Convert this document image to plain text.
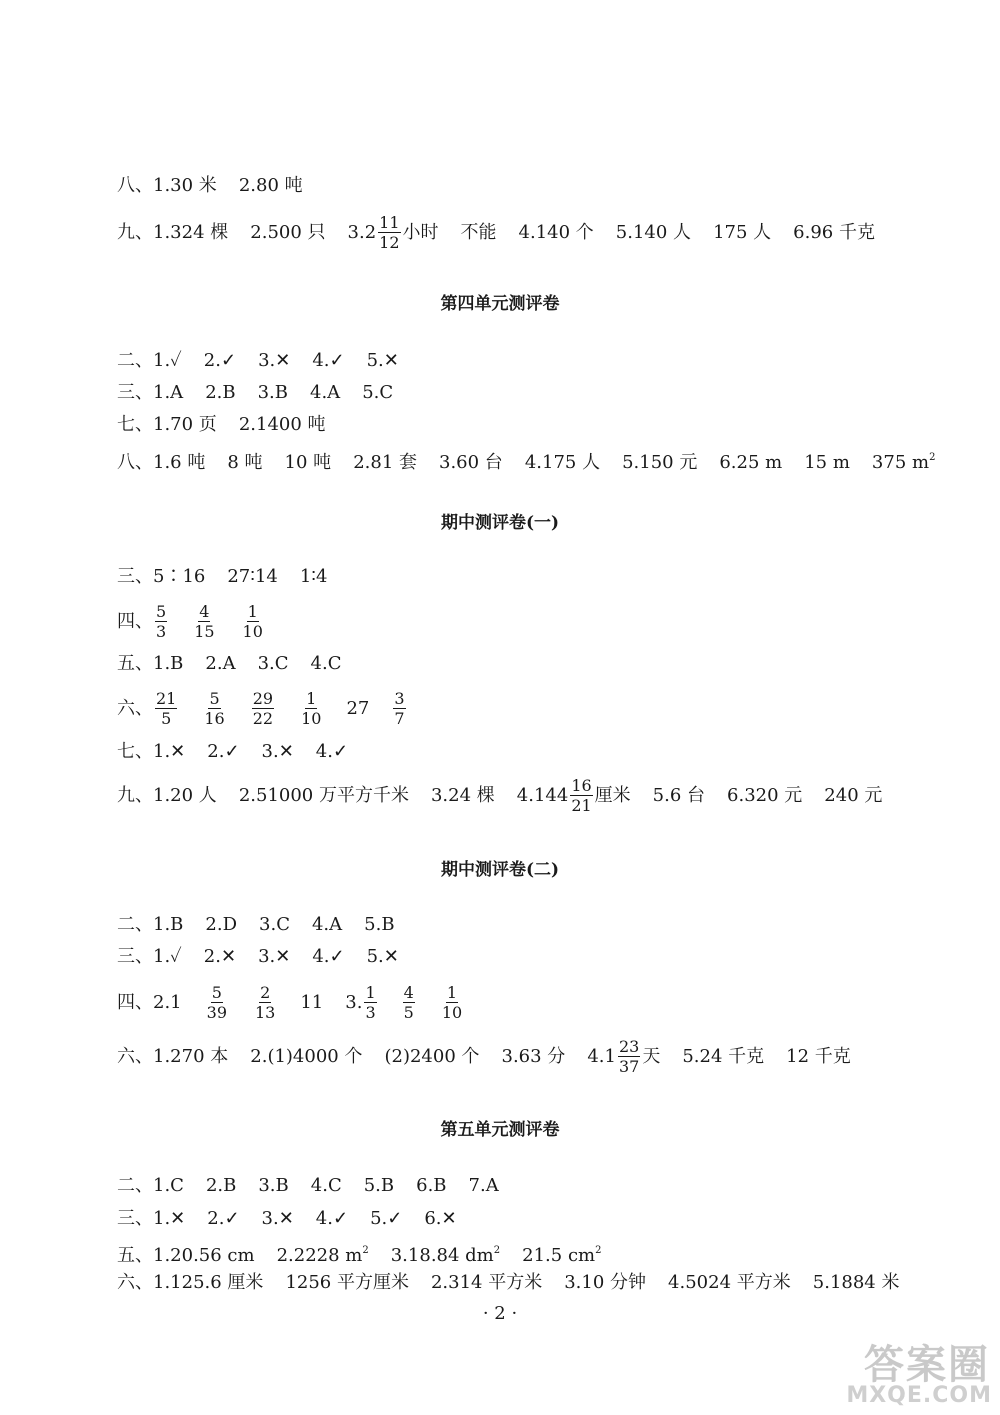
八、1.30 米 2.80 吨
九、1.324 棵 2.500 只 $3.2 \frac{11}{12}$ 小时 不能 4.140 个 5.140 人 175 人 6.96 千克
第四单元测评卷
二、1.✓ 2.✓ 3.✕ 4.✓ 5.✕
三、1.A 2.B 3.B 4.A 5.C
七、1.70 页 2.1400 吨
八、1.6 吨 8 吨 10 吨 2.81 套 3.60 台 4.175 人 5.150 元 6.25 m 15 m 375 $m^2$
期中测评卷(一)
三、5∶16 27∶14 1∶4
四、 $\frac{5}{3} \frac{4}{15} \frac{1}{10}$
五、1.B 2.A 3.C 4.C
六、 $\frac{21}{5} \frac{5}{16} \frac{29}{22} \frac{1}{10} 27 \frac{3}{7}$
七、1.✕ 2.✓ 3.✕ 4.✓
九、1.20 人 2.51000 万平方千米 3.24 棵 $4.144 \frac{16}{21}$ 厘米 5.6 台 6.320 元 240 元
期中测评卷(二)
二、1.B 2.D 3.C 4.A 5.B
三、1.✓ 2.✕ 3.✕ 4.✓ 5.✕
四、$2.1 \frac{5}{39} \frac{2}{13} 11$ 3. $\frac{1}{3} \frac{4}{5} \frac{1}{10}$
六、1.270 本 2.(1)4000 个 (2)2400 个 3.63 分 $4.1 \frac{23}{37}$ 天 5.24 千克 12 千克
第五单元测评卷
二、1.C 2.B 3.B 4.C 5.B 6.B 7.A
三、1.✕ 2.✓ 3.✕ 4.✓ 5.✓ 6.✕
五、1.20.56 cm 2.2228 $m^2$ 3.18.84 $dm^2$ 21.5 $cm^2$
六、1.125.6 厘米 1256 平方厘米 2.314 平方米 3.10 分钟 4.5024 平方米 5.1884 米
· 2 ·
答案圈
MXQE.COM
